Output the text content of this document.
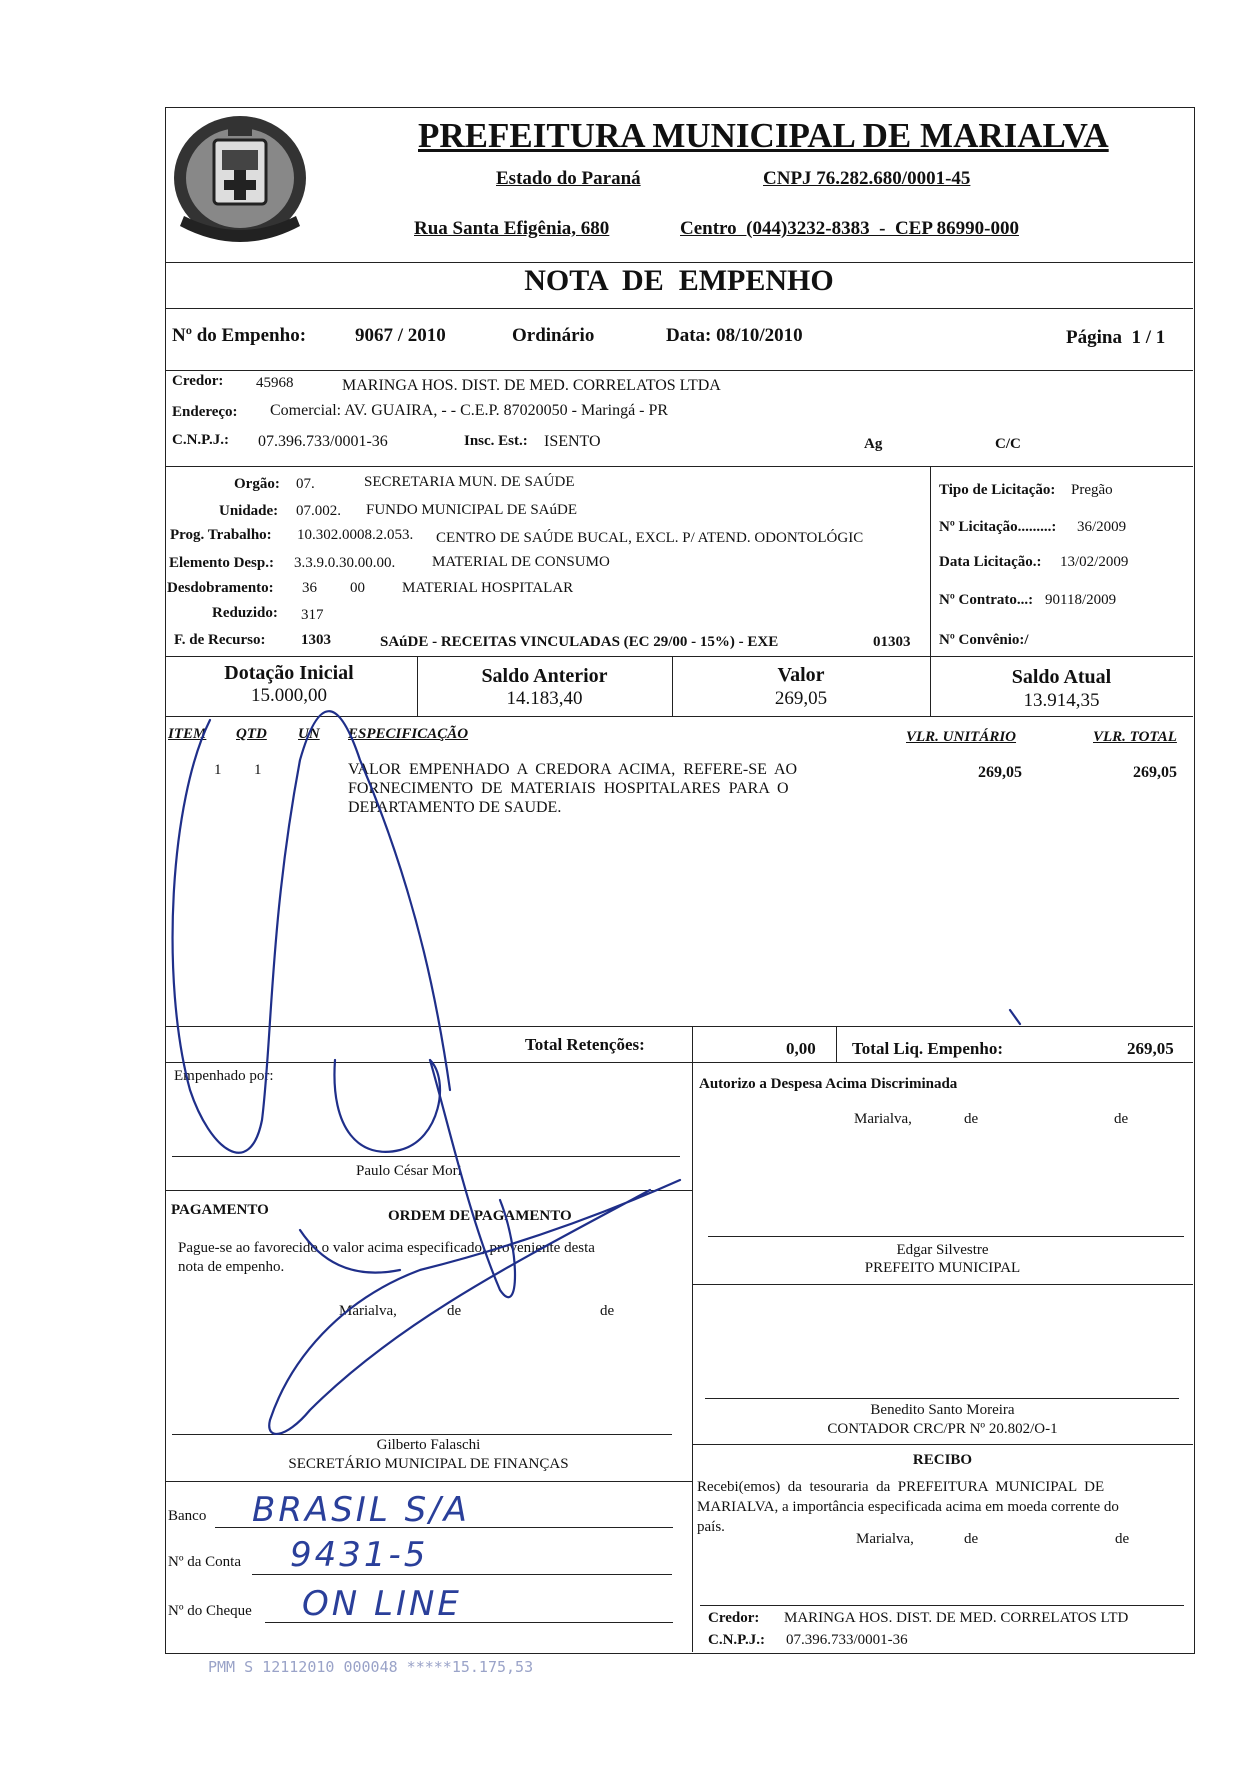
PREFEITURA MUNICIPAL DE MARIALVA
Estado do Paraná	CNPJ 76.282.680/0001-45
Rua Santa Efigênia, 680	Centro  (044)3232-8383  -  CEP 86990-000
NOTA  DE  EMPENHO
Nº do Empenho:	9067 / 2010	Ordinário	Data: 08/10/2010	Página  1 / 1
Credor: 45968	MARINGA HOS. DIST. DE MED. CORRELATOS LTDA
Endereço: Comercial: AV. GUAIRA, - - C.E.P. 87020050 - Maringá - PR
C.N.P.J.: 07.396.733/0001-36	Insc. Est.: ISENTO	Ag	C/C
Orgão: 07.	SECRETARIA MUN. DE SAÚDE
Unidade: 07.002. FUNDO MUNICIPAL DE SAúDE
Prog. Trabalho: 10.302.0008.2.053. CENTRO DE SAÚDE BUCAL, EXCL. P/ ATEND. ODONTOLÓGIC
Elemento Desp.: 3.3.9.0.30.00.00. MATERIAL DE CONSUMO
Desdobramento: 36 00 MATERIAL HOSPITALAR
Reduzido: 317
F. de Recurso: 1303	SAúDE - RECEITAS VINCULADAS (EC 29/00 - 15%) - EXE	01303
Tipo de Licitação: Pregão
Nº Licitação.........: 36/2009
Data Licitação.: 13/02/2009
Nº Contrato...: 90118/2009
Nº Convênio:/
Dotação Inicial
15.000,00
Saldo Anterior
14.183,40
Valor
269,05
Saldo Atual
13.914,35
ITEM QTD UN ESPECIFICAÇÃO	VLR. UNITÁRIO	VLR. TOTAL
1 1	VALOR  EMPENHADO  A  CREDORA  ACIMA,  REFERE-SE  AO
FORNECIMENTO  DE  MATERIAIS  HOSPITALARES  PARA  O
DEPARTAMENTO DE SAUDE.
269,05	269,05
Total Retenções:	0,00 Total Liq. Empenho:	269,05
Empenhado por:
Paulo César Mori
PAGAMENTO	ORDEM DE PAGAMENTO
Pague-se ao favorecido o valor acima especificado, proveniente desta
nota de empenho.
Marialva,	de	de
Gilberto Falaschi
SECRETÁRIO MUNICIPAL DE FINANÇAS
Banco BRASIL S/A
Nº da Conta 9431-5
Nº do Cheque ON LINE
Autorizo a Despesa Acima Discriminada
Marialva,	de	de
Edgar Silvestre
PREFEITO MUNICIPAL
Benedito Santo Moreira
CONTADOR CRC/PR Nº 20.802/O-1
RECIBO
Recebi(emos)  da  tesouraria  da  PREFEITURA  MUNICIPAL  DE
MARIALVA, a importância especificada acima em moeda corrente do
país.
Marialva,	de	de
Credor: MARINGA HOS. DIST. DE MED. CORRELATOS LTD
C.N.P.J.: 07.396.733/0001-36
PMM S 12112010 000048 *****15.175,53
